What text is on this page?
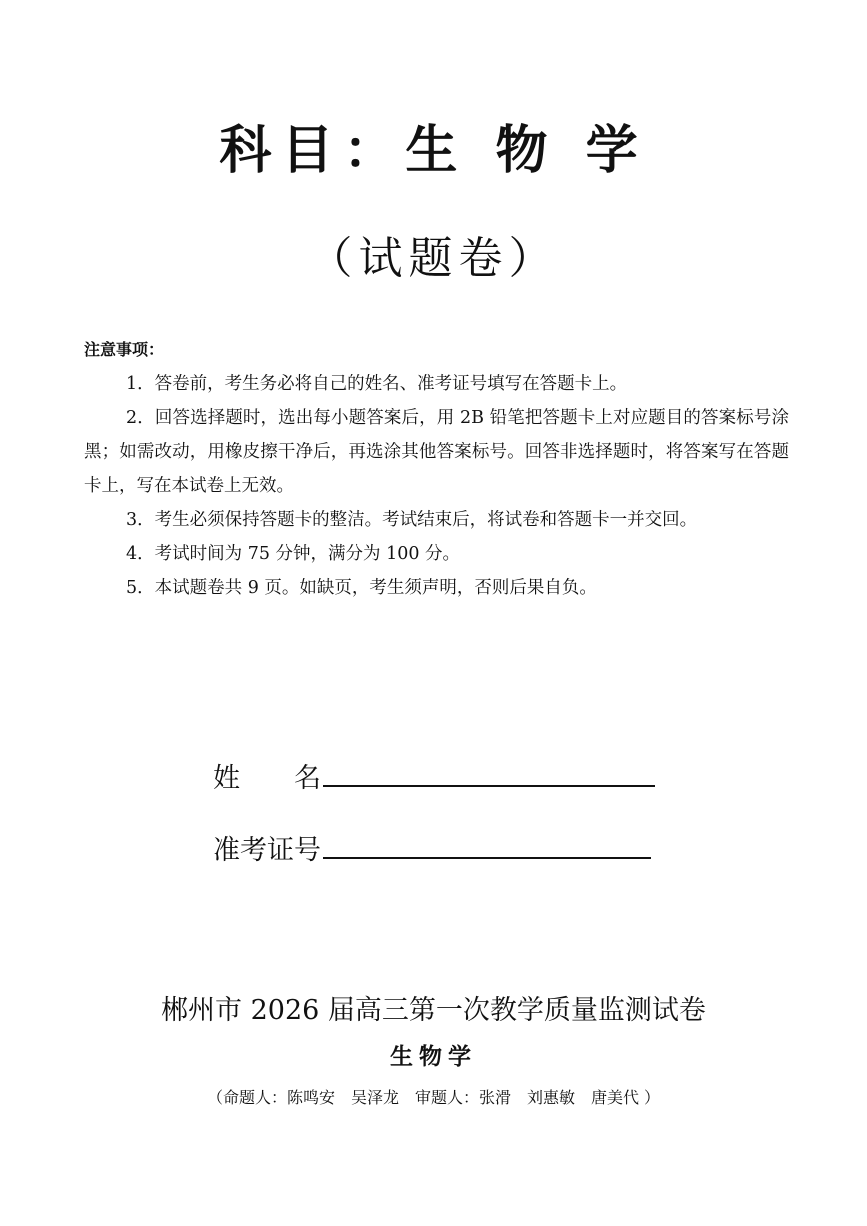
科目：生 物 学
（试题卷）
注意事项：

1．答卷前，考生务必将自己的姓名、准考证号填写在答题卡上。

2．回答选择题时，选出每小题答案后，用 2B 铅笔把答题卡上对应题目的答案标号涂黑；如需改动，用橡皮擦干净后，再选涂其他答案标号。回答非选择题时，将答案写在答题卡上，写在本试卷上无效。

3．考生必须保持答题卡的整洁。考试结束后，将试卷和答题卡一并交回。

4．考试时间为 75 分钟，满分为 100 分。

5．本试题卷共 9 页。如缺页，考生须声明，否则后果自负。

姓　　名
准考证号
郴州市 2026 届高三第一次教学质量监测试卷
生物学
（命题人：陈鸣安　吴泽龙　审题人：张滑　刘惠敏　唐美代 ）
